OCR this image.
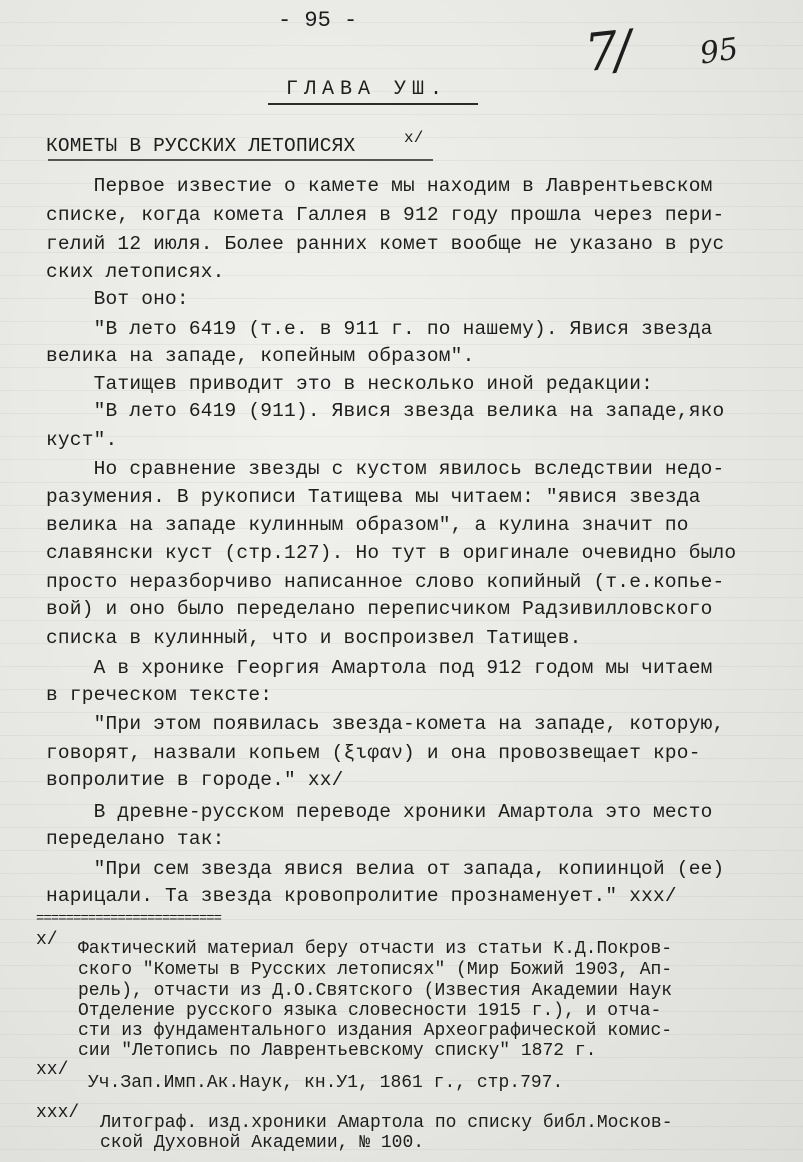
- 95 -	7/ 95
ГЛАВА УШ.
КОМЕТЫ В РУССКИХ ЛЕТОПИСЯХ	x/
Первое известие о камете мы находим в Лаврентьевском
списке, когда комета Галлея в 912 году прошла через пери-
гелий 12 июля. Более ранних комет вообще не указано в рус
ских летописях.
Вот оно:
"В лето 6419 (т.е. в 911 г. по нашему). Явися звезда
велика на западе, копейным образом".
Татищев приводит это в несколько иной редакции:
"В лето 6419 (911). Явися звезда велика на западе,яко
куст".
Но сравнение звезды с кустом явилось вследствии недо-
разумения. В рукописи Татищева мы читаем: "явися звезда
велика на западе кулинным образом", а кулина значит по
славянски куст (стр.127). Но тут в оригинале очевидно было
просто неразборчиво написанное слово копийный (т.е.копье-
вой) и оно было переделано переписчиком Радзивилловского
списка в кулинный, что и воспроизвел Татищев.
А в хронике Георгия Амартола под 912 годом мы читаем
в греческом тексте:
"При этом появилась звезда-комета на западе, которую,
говорят, назвали копьем (ξιφαν) и она провозвещает кро-
вопролитие в городе." xx/
В древне-русском переводе хроники Амартола это место
переделано так:
"При сем звезда явися велиа от запада, копиинцой (ее)
нарицали. Та звезда кровопролитие прознаменует." xxx/
=========================
x/ Фактический материал беру отчасти из статьи К.Д.Покров-
ского "Кометы в Русских летописях" (Мир Божий 1903, Ап-
рель), отчасти из Д.О.Святского (Известия Академии Наук
Отделение русского языка словесности 1915 г.), и отча-
сти из фундаментального издания Археографической комис-
сии "Летопись по Лаврентьевскому списку" 1872 г.
xx/
Уч.Зап.Имп.Ак.Наук, кн.У1, 1861 г., стр.797.
xxx/ Литограф. изд.хроники Амартола по списку библ.Москов-
ской Духовной Академии, № 100.
